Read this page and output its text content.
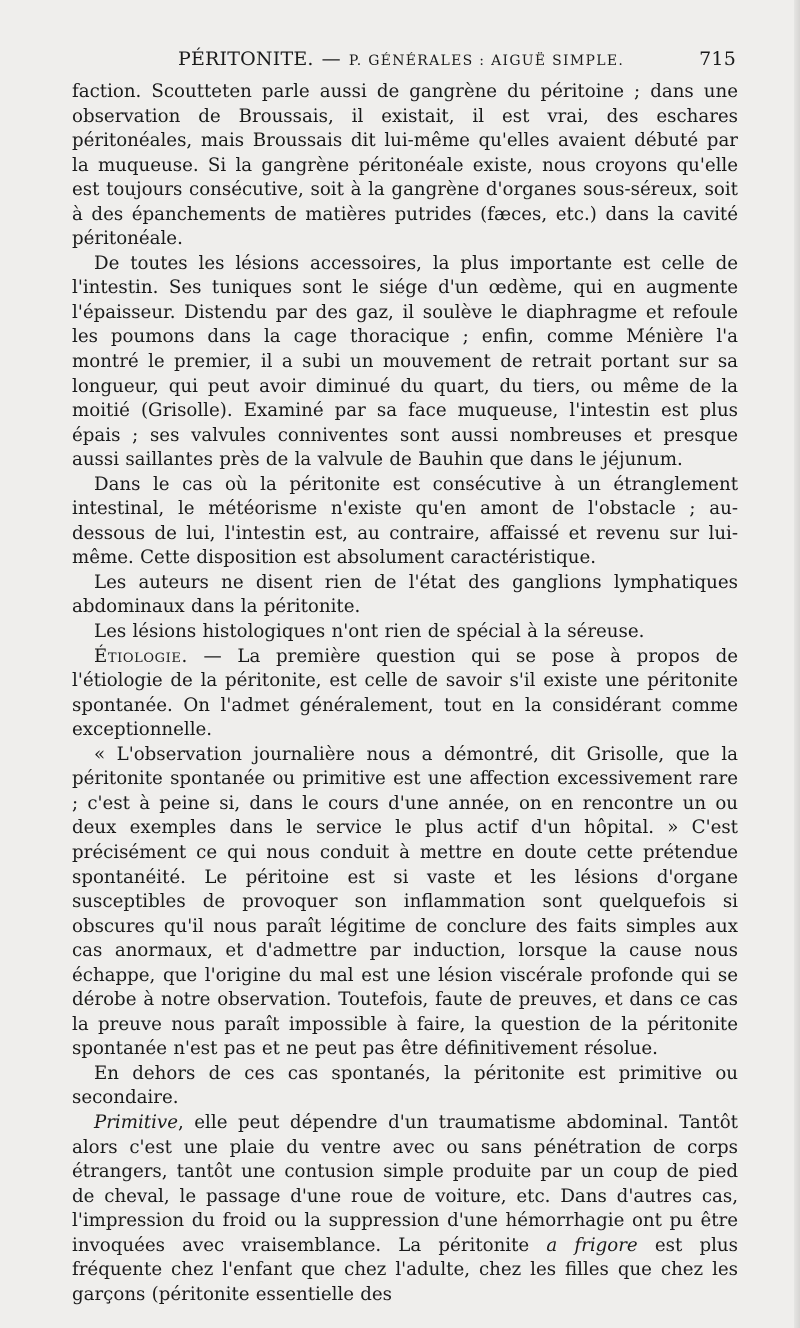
PÉRITONITE. — P. GÉNÉRALES : AIGUË SIMPLE.	715

faction. Scoutteten parle aussi de gangrène du péritoine ; dans une observation de Broussais, il existait, il est vrai, des eschares péritonéales, mais Broussais dit lui-même qu'elles avaient débuté par la muqueuse. Si la gangrène péritonéale existe, nous croyons qu'elle est toujours consécutive, soit à la gangrène d'organes sous-séreux, soit à des épanchements de matières putrides (fæces, etc.) dans la cavité péritonéale.

De toutes les lésions accessoires, la plus importante est celle de l'intestin. Ses tuniques sont le siége d'un œdème, qui en augmente l'épaisseur. Distendu par des gaz, il soulève le diaphragme et refoule les poumons dans la cage thoracique ; enfin, comme Ménière l'a montré le premier, il a subi un mouvement de retrait portant sur sa longueur, qui peut avoir diminué du quart, du tiers, ou même de la moitié (Grisolle). Examiné par sa face muqueuse, l'intestin est plus épais ; ses valvules conniventes sont aussi nombreuses et presque aussi saillantes près de la valvule de Bauhin que dans le jéjunum.

Dans le cas où la péritonite est consécutive à un étranglement intestinal, le météorisme n'existe qu'en amont de l'obstacle ; au-dessous de lui, l'intestin est, au contraire, affaissé et revenu sur lui-même. Cette disposition est absolument caractéristique.

Les auteurs ne disent rien de l'état des ganglions lymphatiques abdominaux dans la péritonite.

Les lésions histologiques n'ont rien de spécial à la séreuse.

Étiologie. — La première question qui se pose à propos de l'étiologie de la péritonite, est celle de savoir s'il existe une péritonite spontanée. On l'admet généralement, tout en la considérant comme exceptionnelle.

« L'observation journalière nous a démontré, dit Grisolle, que la péritonite spontanée ou primitive est une affection excessivement rare ; c'est à peine si, dans le cours d'une année, on en rencontre un ou deux exemples dans le service le plus actif d'un hôpital. » C'est précisément ce qui nous conduit à mettre en doute cette prétendue spontanéité. Le péritoine est si vaste et les lésions d'organe susceptibles de provoquer son inflammation sont quelquefois si obscures qu'il nous paraît légitime de conclure des faits simples aux cas anormaux, et d'admettre par induction, lorsque la cause nous échappe, que l'origine du mal est une lésion viscérale profonde qui se dérobe à notre observation. Toutefois, faute de preuves, et dans ce cas la preuve nous paraît impossible à faire, la question de la péritonite spontanée n'est pas et ne peut pas être définitivement résolue.

En dehors de ces cas spontanés, la péritonite est primitive ou secondaire.

Primitive, elle peut dépendre d'un traumatisme abdominal. Tantôt alors c'est une plaie du ventre avec ou sans pénétration de corps étrangers, tantôt une contusion simple produite par un coup de pied de cheval, le passage d'une roue de voiture, etc. Dans d'autres cas, l'impression du froid ou la suppression d'une hémorrhagie ont pu être invoquées avec vraisemblance. La péritonite a frigore est plus fréquente chez l'enfant que chez l'adulte, chez les filles que chez les garçons (péritonite essentielle des
